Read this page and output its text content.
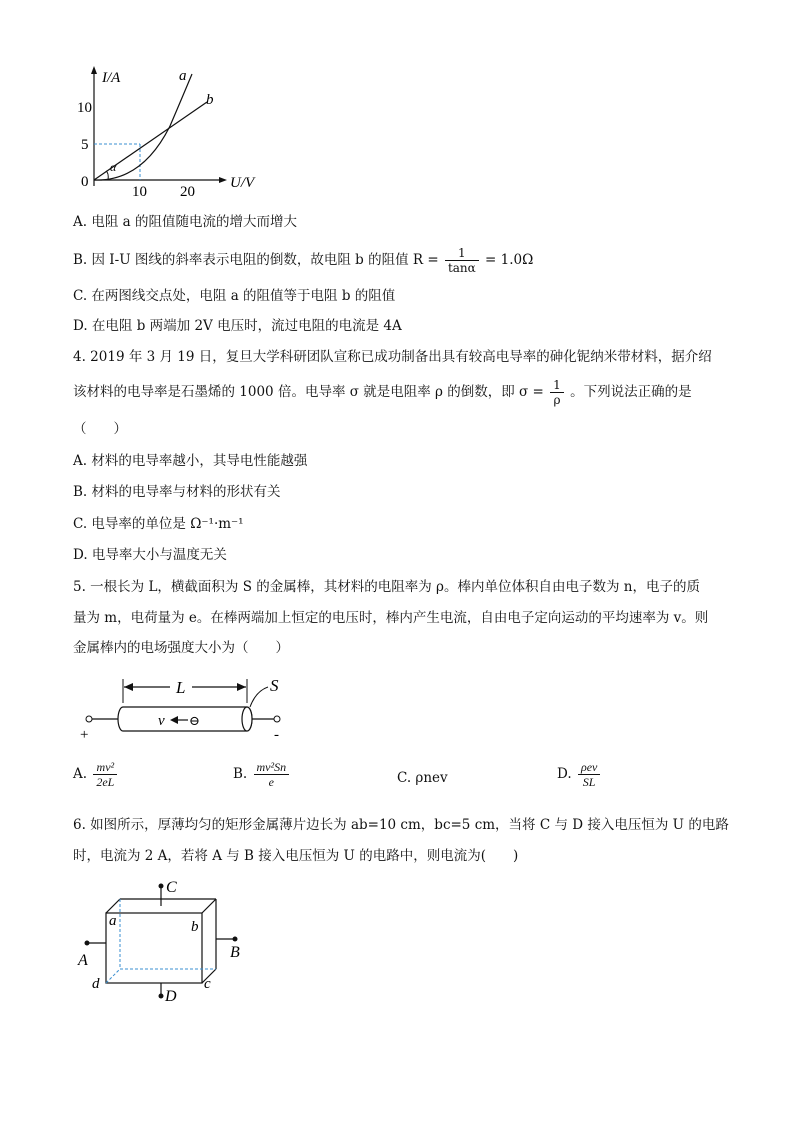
I/A
U/V
10
5
0
10 20
a
b
α
A. 电阻 a 的阻值随电流的增大而增大
B. 因 I-U 图线的斜率表示电阻的倒数，故电阻 b 的阻值 $R = \frac{1}{\tan\alpha} = 1.0\Omega$
C. 在两图线交点处，电阻 a 的阻值等于电阻 b 的阻值
D. 在电阻 b 两端加 2V 电压时，流过电阻的电流是 4A
4. 2019 年 3 月 19 日，复旦大学科研团队宣称已成功制备出具有较高电导率的砷化铌纳米带材料，据介绍
该材料的电导率是石墨烯的 1000 倍。电导率 σ 就是电阻率 ρ 的倒数，即 $\sigma = \frac{1}{\rho}$ 。下列说法正确的是
（　　）
A. 材料的电导率越小，其导电性能越强
B. 材料的电导率与材料的形状有关
C. 电导率的单位是 Ω⁻¹·m⁻¹
D. 电导率大小与温度无关
5. 一根长为 L，横截面积为 S 的金属棒，其材料的电阻率为 ρ。棒内单位体积自由电子数为 n，电子的质
量为 m，电荷量为 e。在棒两端加上恒定的电压时，棒内产生电流，自由电子定向运动的平均速率为 v。则
金属棒内的电场强度大小为（　　）
L	S
+	-
v ⊖
A. $\frac{\text{mv²}}{2eL}$	B. $\frac{\text{mv²Sn}}{e}$	C. ρnev	D. $\frac{\text{ρev}}{SL}$
6. 如图所示，厚薄均匀的矩形金属薄片边长为 ab=10 cm，bc=5 cm，当将 C 与 D 接入电压恒为 U 的电路
时，电流为 2 A，若将 A 与 B 接入电压恒为 U 的电路中，则电流为(　　)
C
D
A	B
a	b
c
d
